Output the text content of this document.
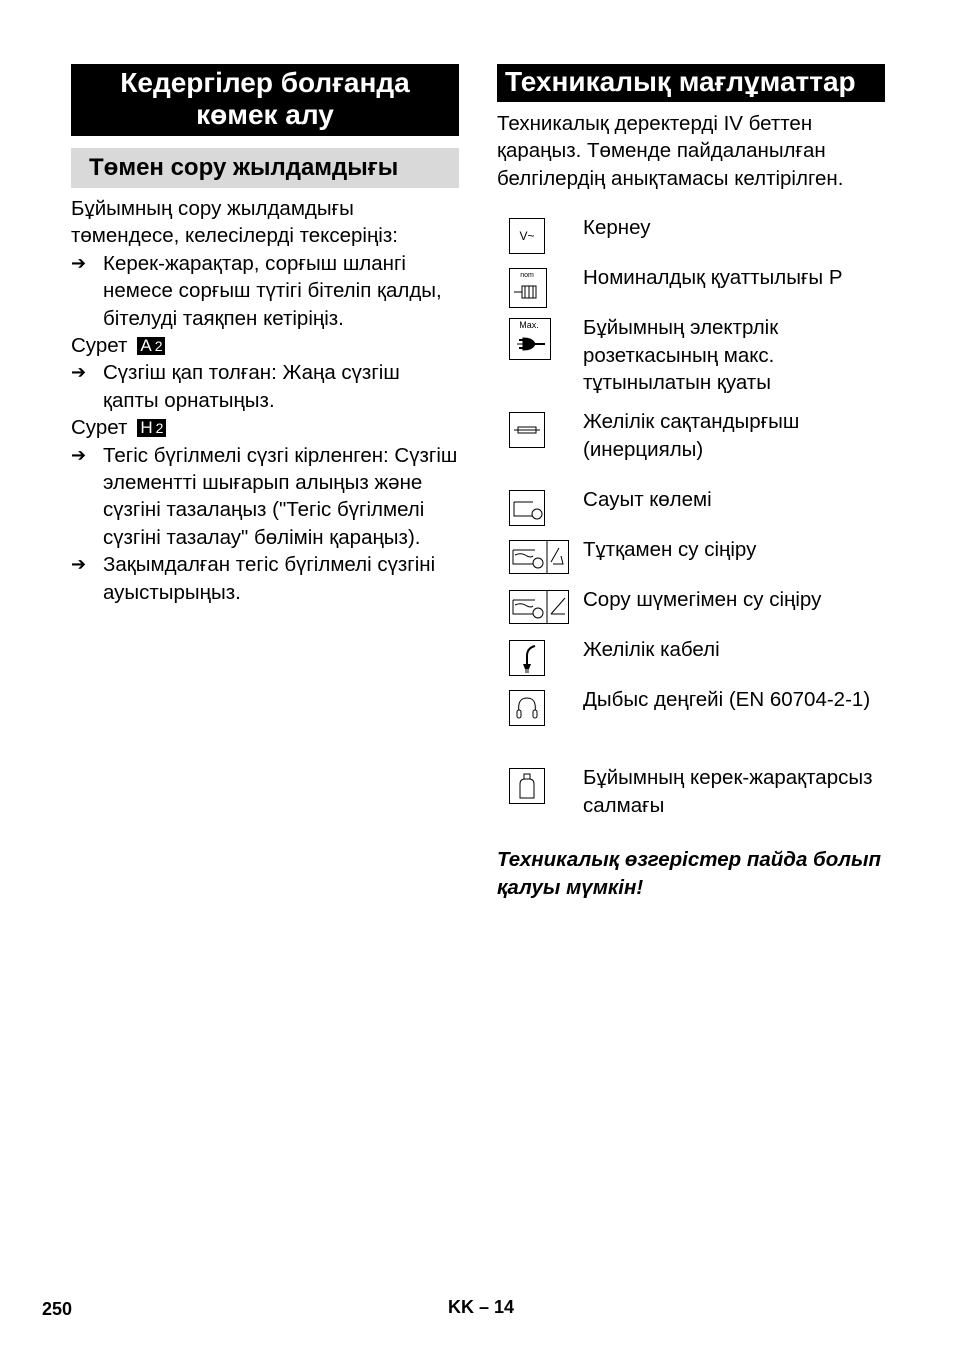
Кедергілер болғанда көмек алу
Төмен сору жылдамдығы

Бұйымның сору жылдамдығы төмендесе, келесілерді тексеріңіз:

➔ Керек-жарақтар, сорғыш шлангі немесе сорғыш түтігі бітеліп қалды, бітелуді таяқпен кетіріңіз.
Сурет A 2
➔ Сүзгіш қап толған: Жаңа сүзгіш қапты орнатыңыз.
Сурет H 2
➔ Тегіс бүгілмелі сүзгі кірленген: Сүзгіш элементті шығарып алыңыз және сүзгіні тазалаңыз ("Тегіс бүгілмелі сүзгіні тазалау" бөлімін қараңыз).
➔ Зақымдалған тегіс бүгілмелі сүзгіні ауыстырыңыз.
Техникалық мағлұматтар

Техникалық деректерді IV беттен қараңыз. Төменде пайдаланылған белгілердің анықтамасы келтірілген.

V~ Кернеу
nom Номиналдық қуаттылығы P
Max. Бұйымның электрлік розеткасының макс. тұтынылатын қуаты
Желілік сақтандырғыш (инерциялы)
Сауыт көлемі
Тұтқамен су сіңіру
Сору шүмегімен су сіңіру
Желілік кабелі
Дыбыс деңгейі (EN 60704-2-1)
Бұйымның керек-жарақтарсыз салмағы
Техникалық өзгерістер пайда болып қалуы мүмкін!
250	KK – 14
